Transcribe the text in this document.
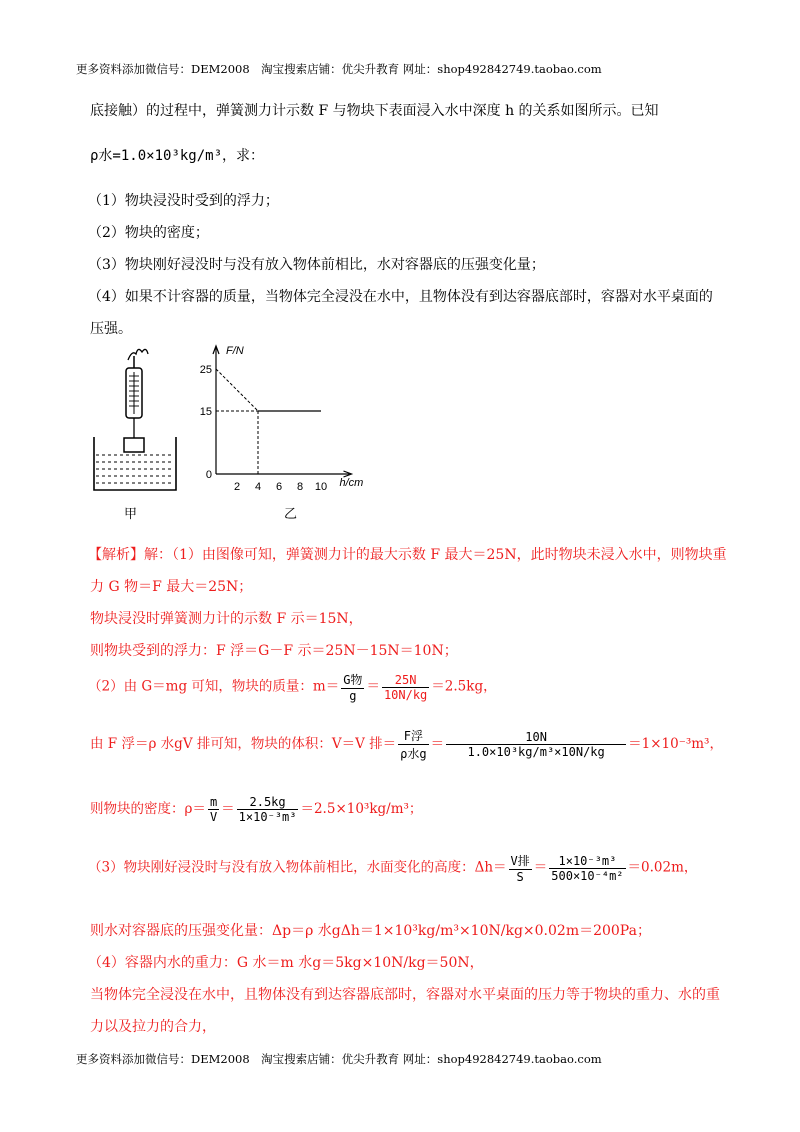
更多资料添加微信号：DEM2008　淘宝搜索店铺：优尖升教育 网址：shop492842749.taobao.com
底接触）的过程中，弹簧测力计示数 F 与物块下表面浸入水中深度 h 的关系如图所示。已知
ρ水=1.0×10³kg/m³，求：
（1）物块浸没时受到的浮力；
（2）物块的密度；
（3）物块刚好浸没时与没有放入物体前相比，水对容器底的压强变化量；
（4）如果不计容器的质量，当物体完全浸没在水中，且物体没有到达容器底部时，容器对水平桌面的
压强。
甲
F/N
h/cm
25
15
0
2 4 6 8 10
乙
【解析】解：（1）由图像可知，弹簧测力计的最大示数 F 最大＝25N，此时物块未浸入水中，则物块重
力 G 物＝F 最大＝25N；
物块浸没时弹簧测力计的示数 F 示＝15N，
则物块受到的浮力：F 浮＝G－F 示＝25N－15N＝10N；
（2）由 G＝mg 可知，物块的质量：$m= \frac{\text{G物}}{g} = \frac{25N}{10N/kg} =2.5kg$，
由 F 浮＝ρ 水gV 排可知，物块的体积：V＝V 排＝ $\frac{\text{F浮}}{\text{ρ水g}} = \frac{10N}{\text{1.0×10³kg/m³×10N/kg}} =1\times 10^{-3}m^3$，
则物块的密度：$\rho= \frac{m}{V} = \frac{2.5kg}{\text{1×10⁻³m³}} =2.5\times 10^3kg/m^3$；
（3）物块刚好浸没时与没有放入物体前相比，水面变化的高度：$\Delta h= \frac{\text{V排}}{S} = \frac{\text{1×10⁻³m³}}{\text{500×10⁻⁴m²}} =0.02m$，
则水对容器底的压强变化量：Δp＝ρ 水gΔh＝1×10³kg/m³×10N/kg×0.02m＝200Pa；
（4）容器内水的重力：G 水＝m 水g＝5kg×10N/kg＝50N，
当物体完全浸没在水中，且物体没有到达容器底部时，容器对水平桌面的压力等于物块的重力、水的重
力以及拉力的合力，
更多资料添加微信号：DEM2008　淘宝搜索店铺：优尖升教育 网址：shop492842749.taobao.com
